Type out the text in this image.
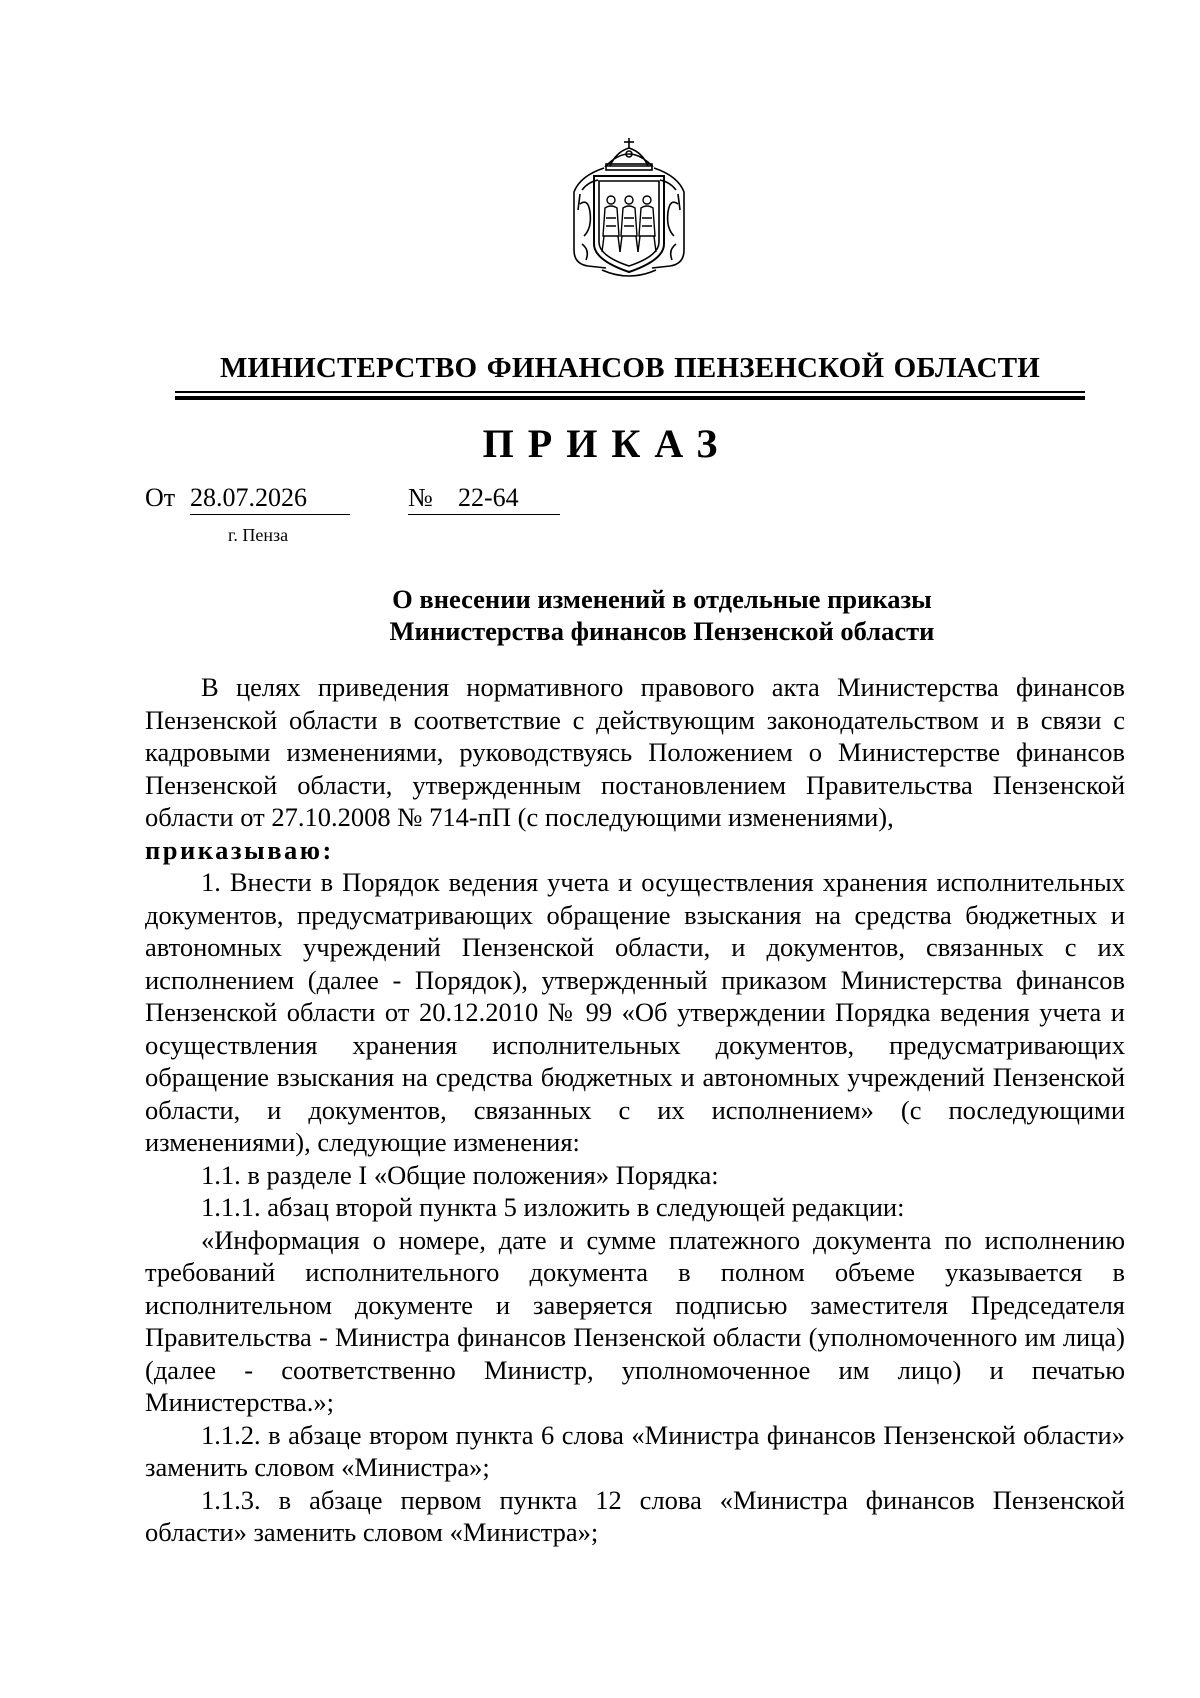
МИНИСТЕРСТВО ФИНАНСОВ ПЕНЗЕНСКОЙ ОБЛАСТИ
ПРИКАЗ
От 28.07.2026	№ 22-64
г. Пенза
О внесении изменений в отдельные приказы
Министерства финансов Пензенской области

В целях приведения нормативного правового акта Министерства финансов Пензенской области в соответствие с действующим законодательством и в связи с кадровыми изменениями, руководствуясь Положением о Министерстве финансов Пензенской области, утвержденным постановлением Правительства Пензенской области от 27.10.2008 № 714-пП (с последующими изменениями),

приказываю:

1. Внести в Порядок ведения учета и осуществления хранения исполнительных документов, предусматривающих обращение взыскания на средства бюджетных и автономных учреждений Пензенской области, и документов, связанных с их исполнением (далее - Порядок), утвержденный приказом Министерства финансов Пензенской области от 20.12.2010 № 99 «Об утверждении Порядка ведения учета и осуществления хранения исполнительных документов, предусматривающих обращение взыскания на средства бюджетных и автономных учреждений Пензенской области, и документов, связанных с их исполнением» (с последующими изменениями), следующие изменения:

1.1. в разделе I «Общие положения» Порядка:

1.1.1. абзац второй пункта 5 изложить в следующей редакции:

«Информация о номере, дате и сумме платежного документа по исполнению требований исполнительного документа в полном объеме указывается в исполнительном документе и заверяется подписью заместителя Председателя Правительства - Министра финансов Пензенской области (уполномоченного им лица) (далее - соответственно Министр, уполномоченное им лицо) и печатью Министерства.»;

1.1.2. в абзаце втором пункта 6 слова «Министра финансов Пензенской области» заменить словом «Министра»;

1.1.3. в абзаце первом пункта 12 слова «Министра финансов Пензенской области» заменить словом «Министра»;
